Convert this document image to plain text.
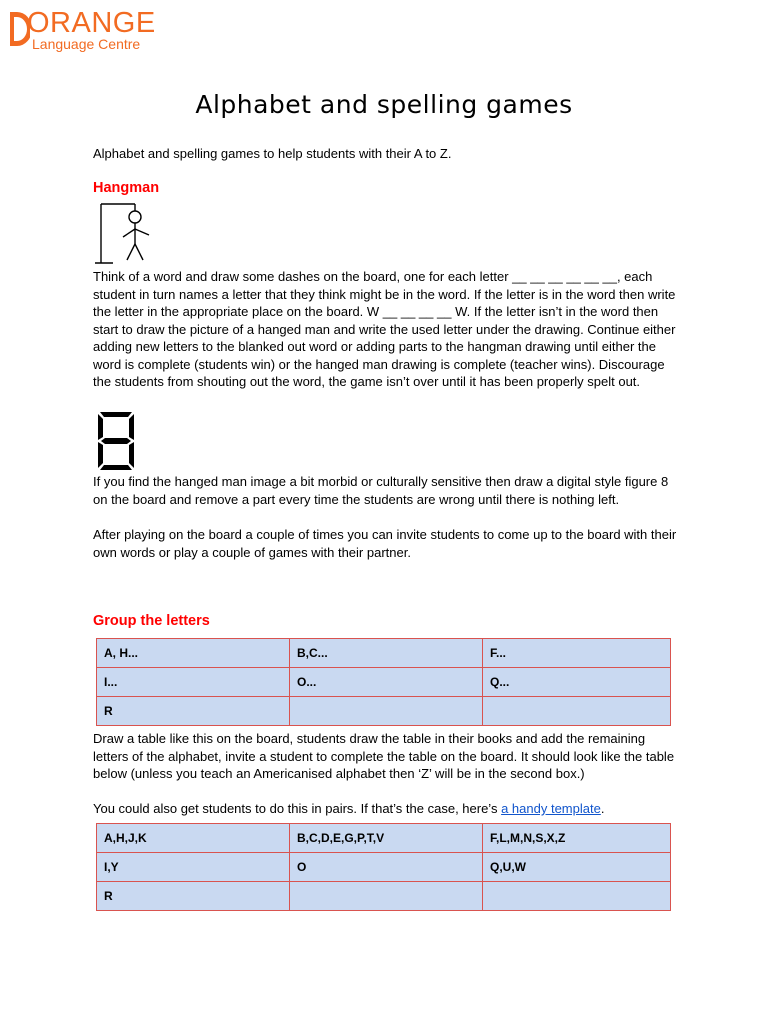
ORANGE
Language Centre
Alphabet and spelling games
Alphabet and spelling games to help students with their A to Z.
Hangman
Think of a word and draw some dashes on the board, one for each letter __ __ __ __ __ __, each student in turn names a letter that they think might be in the word. If the letter is in the word then write the letter in the appropriate place on the board. W __ __ __ __ W. If the letter isn’t in the word then start to draw the picture of a hanged man and write the used letter under the drawing. Continue either adding new letters to the blanked out word or adding parts to the hangman drawing until either the word is complete (students win) or the hanged man drawing is complete (teacher wins). Discourage the students from shouting out the word, the game isn’t over until it has been properly spelt out.
If you find the hanged man image a bit morbid or culturally sensitive then draw a digital style figure 8 on the board and remove a part every time the students are wrong until there is nothing left.
After playing on the board a couple of times you can invite students to come up to the board with their own words or play a couple of games with their partner.
Group the letters
A, H...	B,C...	F...
I...	O...	Q...
R		
Draw a table like this on the board, students draw the table in their books and add the remaining letters of the alphabet, invite a student to complete the table on the board. It should look like the table below (unless you teach an Americanised alphabet then ‘Z’ will be in the second box.)
You could also get students to do this in pairs. If that’s the case, here’s a handy template.
A,H,J,K	B,C,D,E,G,P,T,V	F,L,M,N,S,X,Z
I,Y	O	Q,U,W
R		
